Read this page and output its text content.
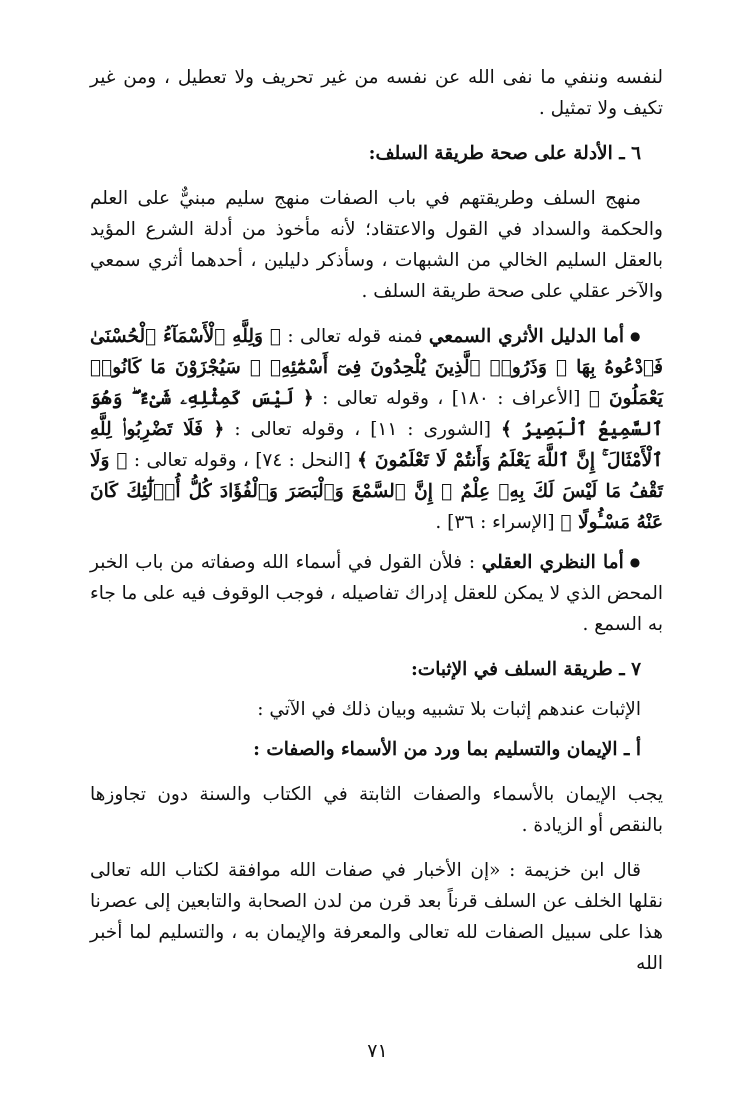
لنفسه وننفي ما نفى الله عن نفسه من غير تحريف ولا تعطيل ، ومن غير تكيف ولا تمثيل .

٦ ـ الأدلة على صحة طريقة السلف:

منهج السلف وطريقتهم في باب الصفات منهج سليم مبنيٌّ على العلم والحكمة والسداد في القول والاعتقاد؛ لأنه مأخوذ من أدلة الشرع المؤيد بالعقل السليم الخالي من الشبهات ، وسأذكر دليلين ، أحدهما أثري سمعي والآخر عقلي على صحة طريقة السلف .

● أما الدليل الأثري السمعي فمنه قوله تعالى : ﴿ وَلِلَّهِ ٱلْأَسْمَآءُ ٱلْحُسْنَىٰ فَٱدْعُوهُ بِهَا ۖ وَذَرُوا۟ ٱلَّذِينَ يُلْحِدُونَ فِىٓ أَسْمَٰٓئِهِۦ ۚ سَيُجْزَوْنَ مَا كَانُوا۟ يَعْمَلُونَ ﴾ [الأعراف : ١٨٠] ، وقوله تعالى : ﴿ لَيْسَ كَمِثْلِهِۦ شَىْءٌ ۖ وَهُوَ ٱلسَّمِيعُ ٱلْبَصِيرُ ﴾ [الشورى : ١١] ، وقوله تعالى : ﴿ فَلَا تَضْرِبُوا۟ لِلَّهِ ٱلْأَمْثَالَ ۚ إِنَّ ٱللَّهَ يَعْلَمُ وَأَنتُمْ لَا تَعْلَمُونَ ﴾ [النحل : ٧٤] ، وقوله تعالى : ﴿ وَلَا تَقْفُ مَا لَيْسَ لَكَ بِهِۦ عِلْمٌ ۚ إِنَّ ٱلسَّمْعَ وَٱلْبَصَرَ وَٱلْفُؤَادَ كُلُّ أُو۟لَٰٓئِكَ كَانَ عَنْهُ مَسْـُٔولًا ﴾ [الإسراء : ٣٦] .

● أما النظري العقلي : فلأن القول في أسماء الله وصفاته من باب الخبر المحض الذي لا يمكن للعقل إدراك تفاصيله ، فوجب الوقوف فيه على ما جاء به السمع .

٧ ـ طريقة السلف في الإثبات:

الإثبات عندهم إثبات بلا تشبيه وبيان ذلك في الآتي :

أ ـ الإيمان والتسليم بما ورد من الأسماء والصفات :

يجب الإيمان بالأسماء والصفات الثابتة في الكتاب والسنة دون تجاوزها بالنقص أو الزيادة .

قال ابن خزيمة : «إن الأخبار في صفات الله موافقة لكتاب الله تعالى نقلها الخلف عن السلف قرناً بعد قرن من لدن الصحابة والتابعين إلى عصرنا هذا على سبيل الصفات لله تعالى والمعرفة والإيمان به ، والتسليم لما أخبر الله

٧١
